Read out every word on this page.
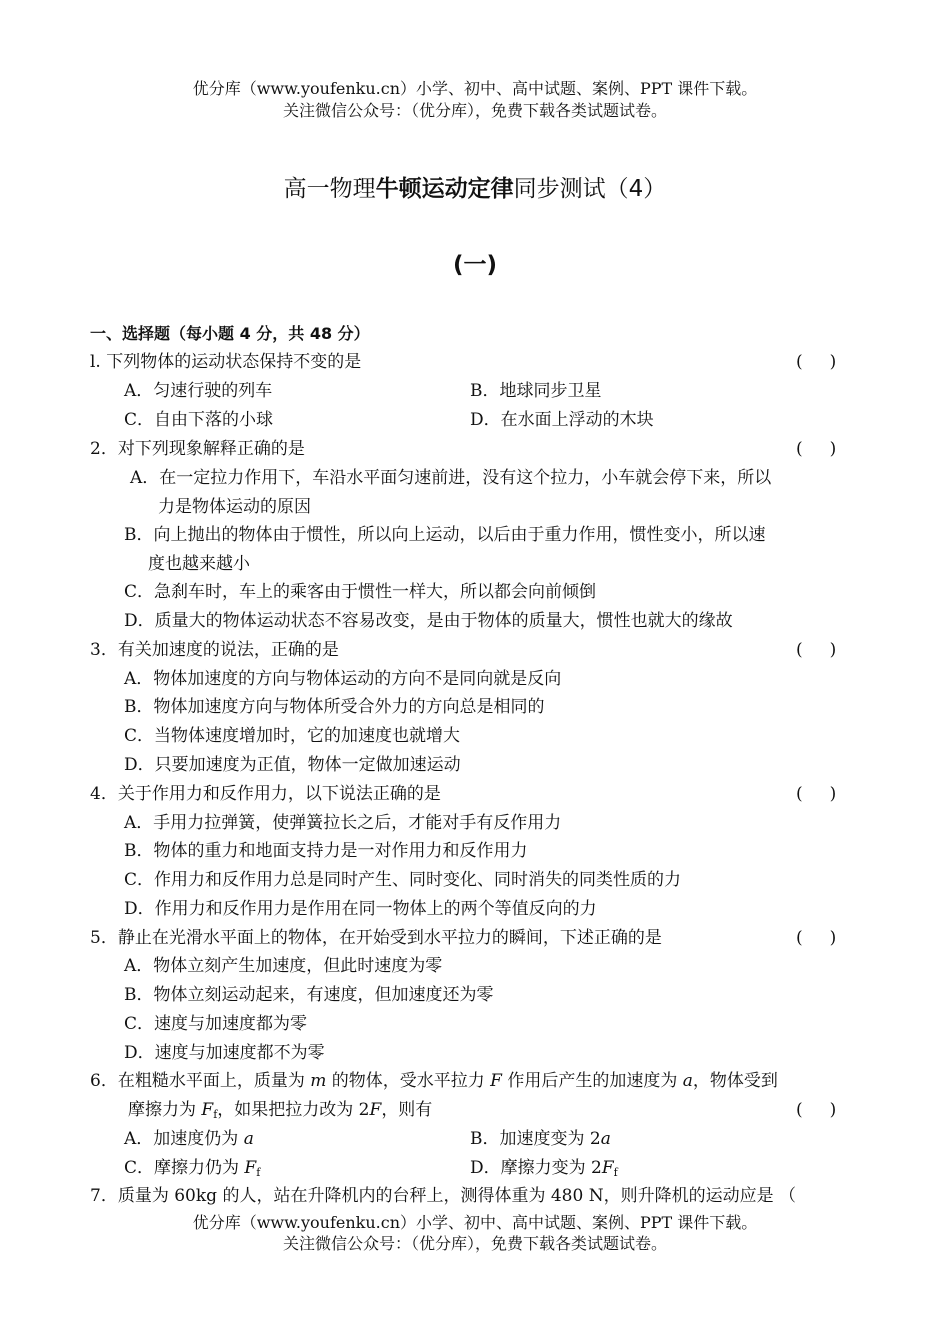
优分库（www.youfenku.cn）小学、初中、高中试题、案例、PPT 课件下载。
关注微信公众号：（优分库），免费下载各类试题试卷。
高一物理牛顿运动定律同步测试（4）
(一)
一、选择题（每小题 4 分，共 48 分）
l. 下列物体的运动状态保持不变的是	(     )
A．匀速行驶的列车	B．地球同步卫星
C．自由下落的小球	D．在水面上浮动的木块
2．对下列现象解释正确的是	(     )
A．在一定拉力作用下，车沿水平面匀速前进，没有这个拉力，小车就会停下来，所以
力是物体运动的原因
B．向上抛出的物体由于惯性，所以向上运动，以后由于重力作用，惯性变小，所以速
度也越来越小
C．急刹车时，车上的乘客由于惯性一样大，所以都会向前倾倒
D．质量大的物体运动状态不容易改变，是由于物体的质量大，惯性也就大的缘故
3．有关加速度的说法，正确的是	(     )
A．物体加速度的方向与物体运动的方向不是同向就是反向
B．物体加速度方向与物体所受合外力的方向总是相同的
C．当物体速度增加时，它的加速度也就增大
D．只要加速度为正值，物体一定做加速运动
4．关于作用力和反作用力，以下说法正确的是	(     )
A．手用力拉弹簧，使弹簧拉长之后，才能对手有反作用力
B．物体的重力和地面支持力是一对作用力和反作用力
C．作用力和反作用力总是同时产生、同时变化、同时消失的同类性质的力
D．作用力和反作用力是作用在同一物体上的两个等值反向的力
5．静止在光滑水平面上的物体，在开始受到水平拉力的瞬间，下述正确的是	(     )
A．物体立刻产生加速度，但此时速度为零
B．物体立刻运动起来，有速度，但加速度还为零
C．速度与加速度都为零
D．速度与加速度都不为零
6．在粗糙水平面上，质量为 m 的物体，受水平拉力 F 作用后产生的加速度为 a，物体受到
摩擦力为 $F_f$，如果把拉力改为 2F，则有	(     )
A．加速度仍为 a	B．加速度变为 2a
C．摩擦力仍为 $F_f$	D．摩擦力变为 $2F_f$
7．质量为 60kg 的人，站在升降机内的台秤上，测得体重为 480 N，则升降机的运动应是 （
优分库（www.youfenku.cn）小学、初中、高中试题、案例、PPT 课件下载。
关注微信公众号：（优分库），免费下载各类试题试卷。
